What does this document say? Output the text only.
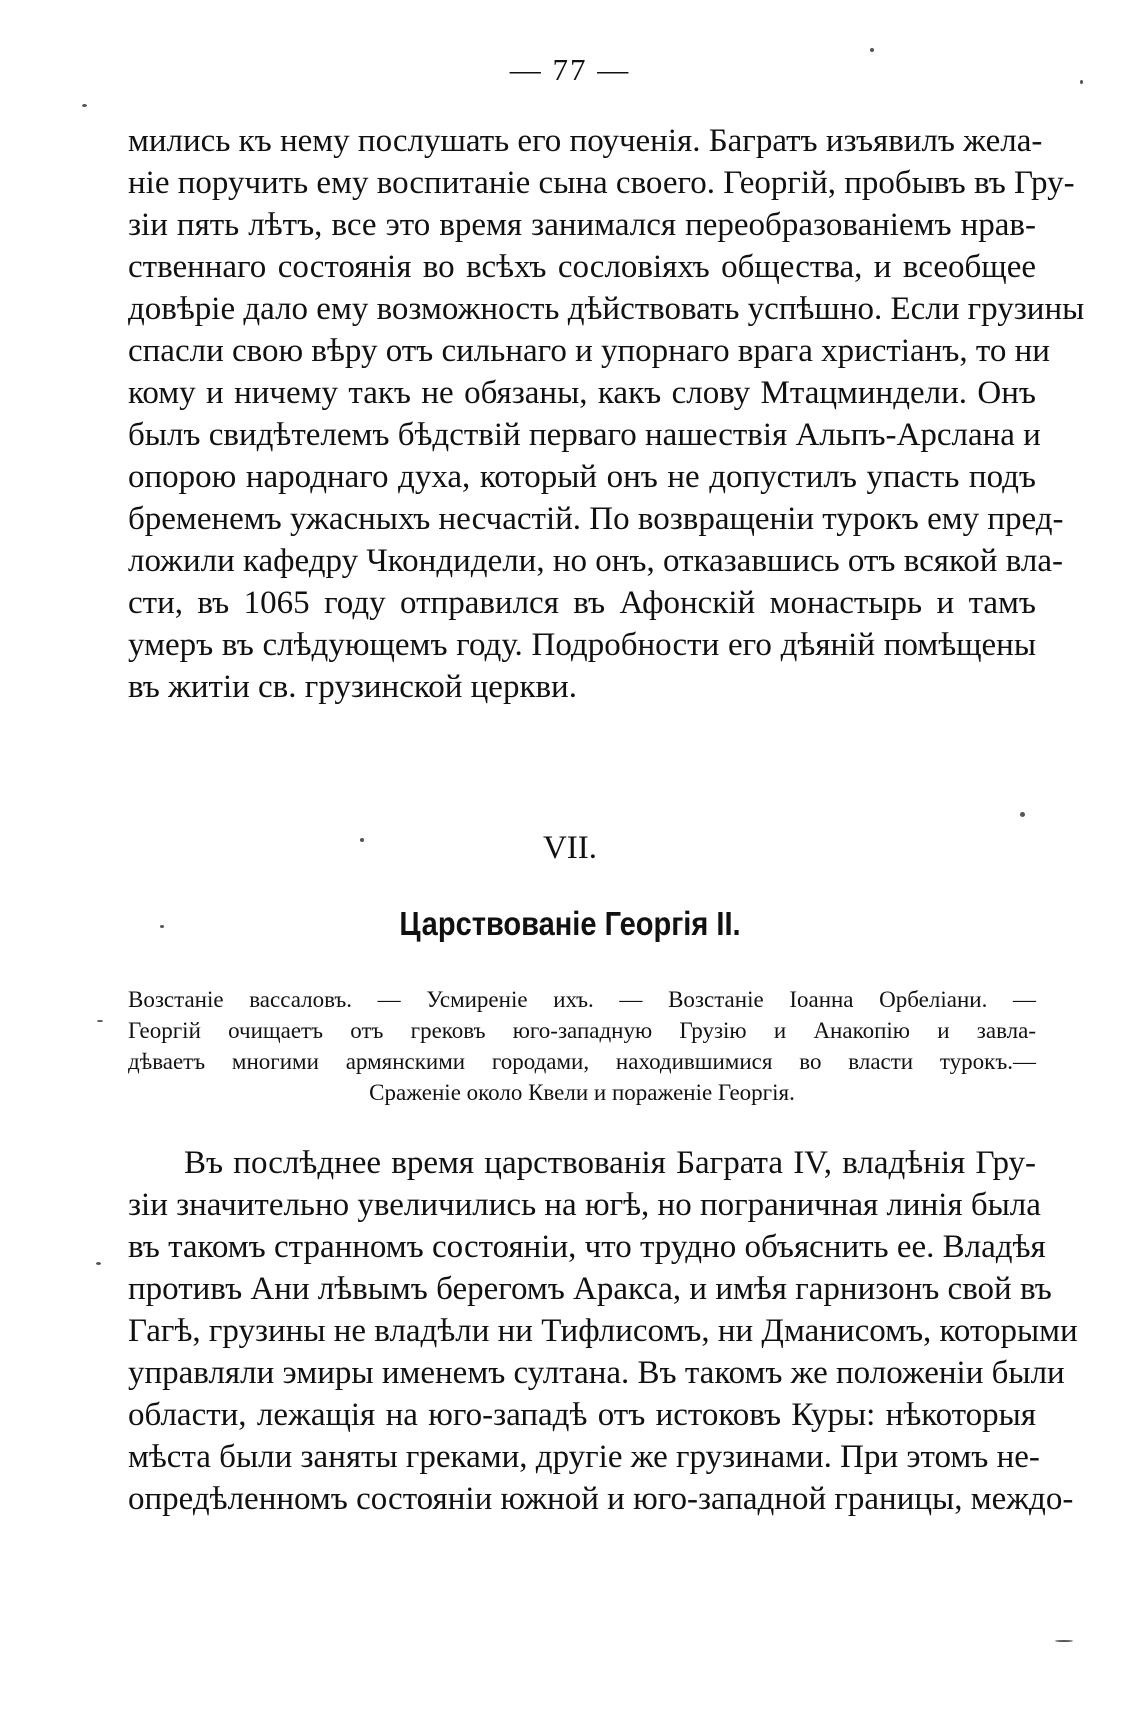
— 77 —
мились къ нему послушать его поученія. Багратъ изъявилъ жела-
ніе поручить ему воспитаніе сына своего. Георгій, пробывъ въ Гру-
зіи пять лѣтъ, все это время занимался переобразованіемъ нрав-
ственнаго состоянія во всѣхъ сословіяхъ общества, и всеобщее
довѣріе дало ему возможность дѣйствовать успѣшно. Если грузины
спасли свою вѣру отъ сильнаго и упорнаго врага христіанъ, то ни
кому и ничему такъ не обязаны, какъ слову Мтацминдели. Онъ
былъ свидѣтелемъ бѣдствій перваго нашествія Альпъ-Арслана и
опорою народнаго духа, который онъ не допустилъ упасть подъ
бременемъ ужасныхъ несчастій. По возвращеніи турокъ ему пред-
ложили кафедру Чкондидели, но онъ, отказавшись отъ всякой вла-
сти, въ 1065 году отправился въ Афонскій монастырь и тамъ
умеръ въ слѣдующемъ году. Подробности его дѣяній помѣщены
въ житіи св. грузинской церкви.
VII.
Царствованіе Георгія II.
Возстаніе вассаловъ. — Усмиреніе ихъ. — Возстаніе Іоанна Орбеліани. —
Георгій очищаетъ отъ грековъ юго-западную Грузію и Анакопію и завла-
дѣваетъ многими армянскими городами, находившимися во власти турокъ.—
Сраженіе около Квели и пораженіе Георгія.
Въ послѣднее время царствованія Баграта IV, владѣнія Гру-
зіи значительно увеличились на югѣ, но пограничная линія была
въ такомъ странномъ состояніи, что трудно объяснить ее. Владѣя
противъ Ани лѣвымъ берегомъ Аракса, и имѣя гарнизонъ свой въ
Гагѣ, грузины не владѣли ни Тифлисомъ, ни Дманисомъ, которыми
управляли эмиры именемъ султана. Въ такомъ же положеніи были
области, лежащія на юго-западѣ отъ истоковъ Куры: нѣкоторыя
мѣста были заняты греками, другіе же грузинами. При этомъ не-
опредѣленномъ состояніи южной и юго-западной границы, междо-
